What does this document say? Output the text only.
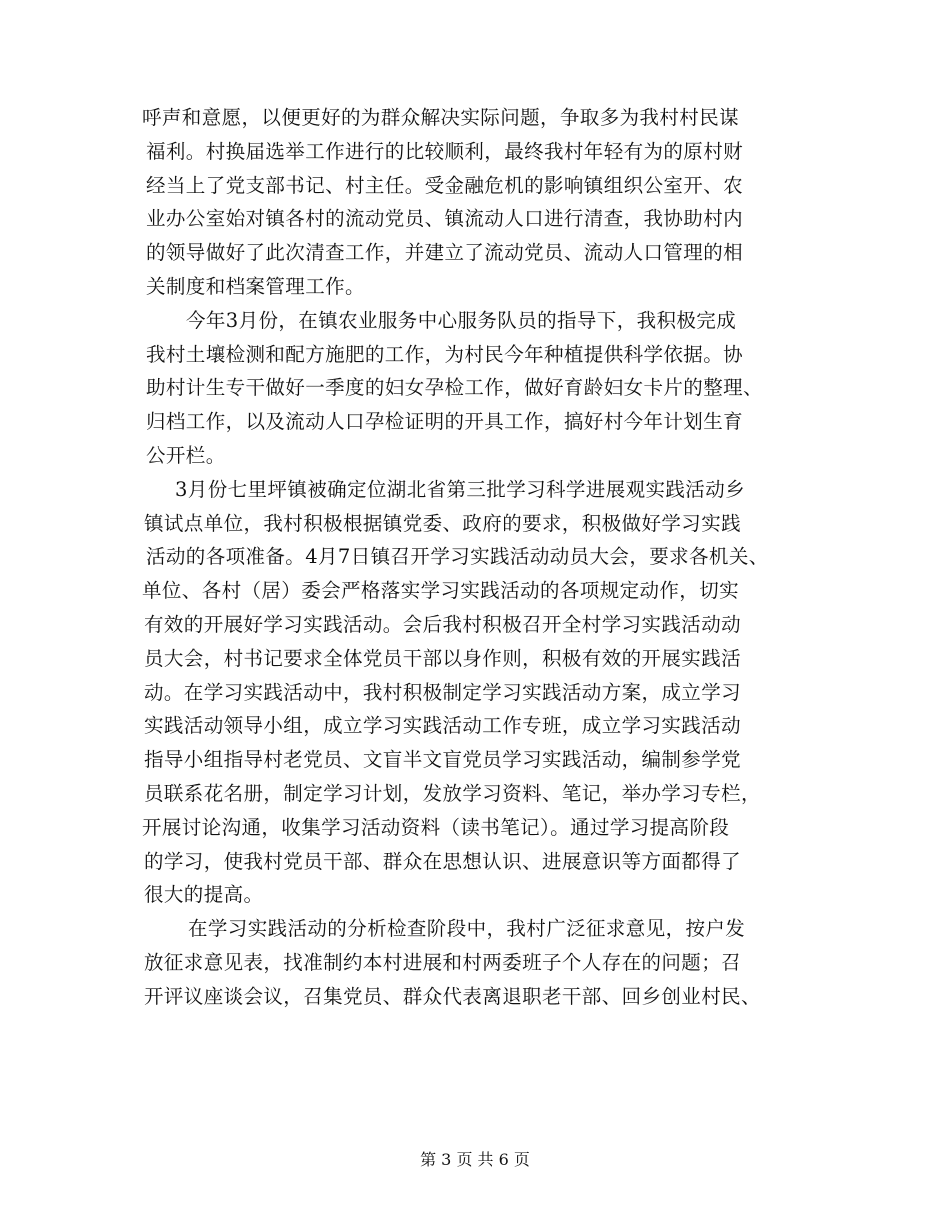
呼声和意愿，以便更好的为群众解决实际问题，争取多为我村村民谋
福利。村换届选举工作进行的比较顺利，最终我村年轻有为的原村财
经当上了党支部书记、村主任。受金融危机的影响镇组织公室开、农
业办公室始对镇各村的流动党员、镇流动人口进行清查，我协助村内
的领导做好了此次清查工作，并建立了流动党员、流动人口管理的相
关制度和档案管理工作。
今年3月份，在镇农业服务中心服务队员的指导下，我积极完成
我村土壤检测和配方施肥的工作，为村民今年种植提供科学依据。协
助村计生专干做好一季度的妇女孕检工作，做好育龄妇女卡片的整理、
归档工作，以及流动人口孕检证明的开具工作，搞好村今年计划生育
公开栏。
3月份七里坪镇被确定位湖北省第三批学习科学进展观实践活动乡
镇试点单位，我村积极根据镇党委、政府的要求，积极做好学习实践
活动的各项准备。4月7日镇召开学习实践活动动员大会，要求各机关、
单位、各村（居）委会严格落实学习实践活动的各项规定动作，切实
有效的开展好学习实践活动。会后我村积极召开全村学习实践活动动
员大会，村书记要求全体党员干部以身作则，积极有效的开展实践活
动。在学习实践活动中，我村积极制定学习实践活动方案，成立学习
实践活动领导小组，成立学习实践活动工作专班，成立学习实践活动
指导小组指导村老党员、文盲半文盲党员学习实践活动，编制参学党
员联系花名册，制定学习计划，发放学习资料、笔记，举办学习专栏，
开展讨论沟通，收集学习活动资料（读书笔记）。通过学习提高阶段
的学习，使我村党员干部、群众在思想认识、进展意识等方面都得了
很大的提高。
在学习实践活动的分析检查阶段中，我村广泛征求意见，按户发
放征求意见表，找准制约本村进展和村两委班子个人存在的问题；召
开评议座谈会议，召集党员、群众代表离退职老干部、回乡创业村民、
第 3 页 共 6 页
